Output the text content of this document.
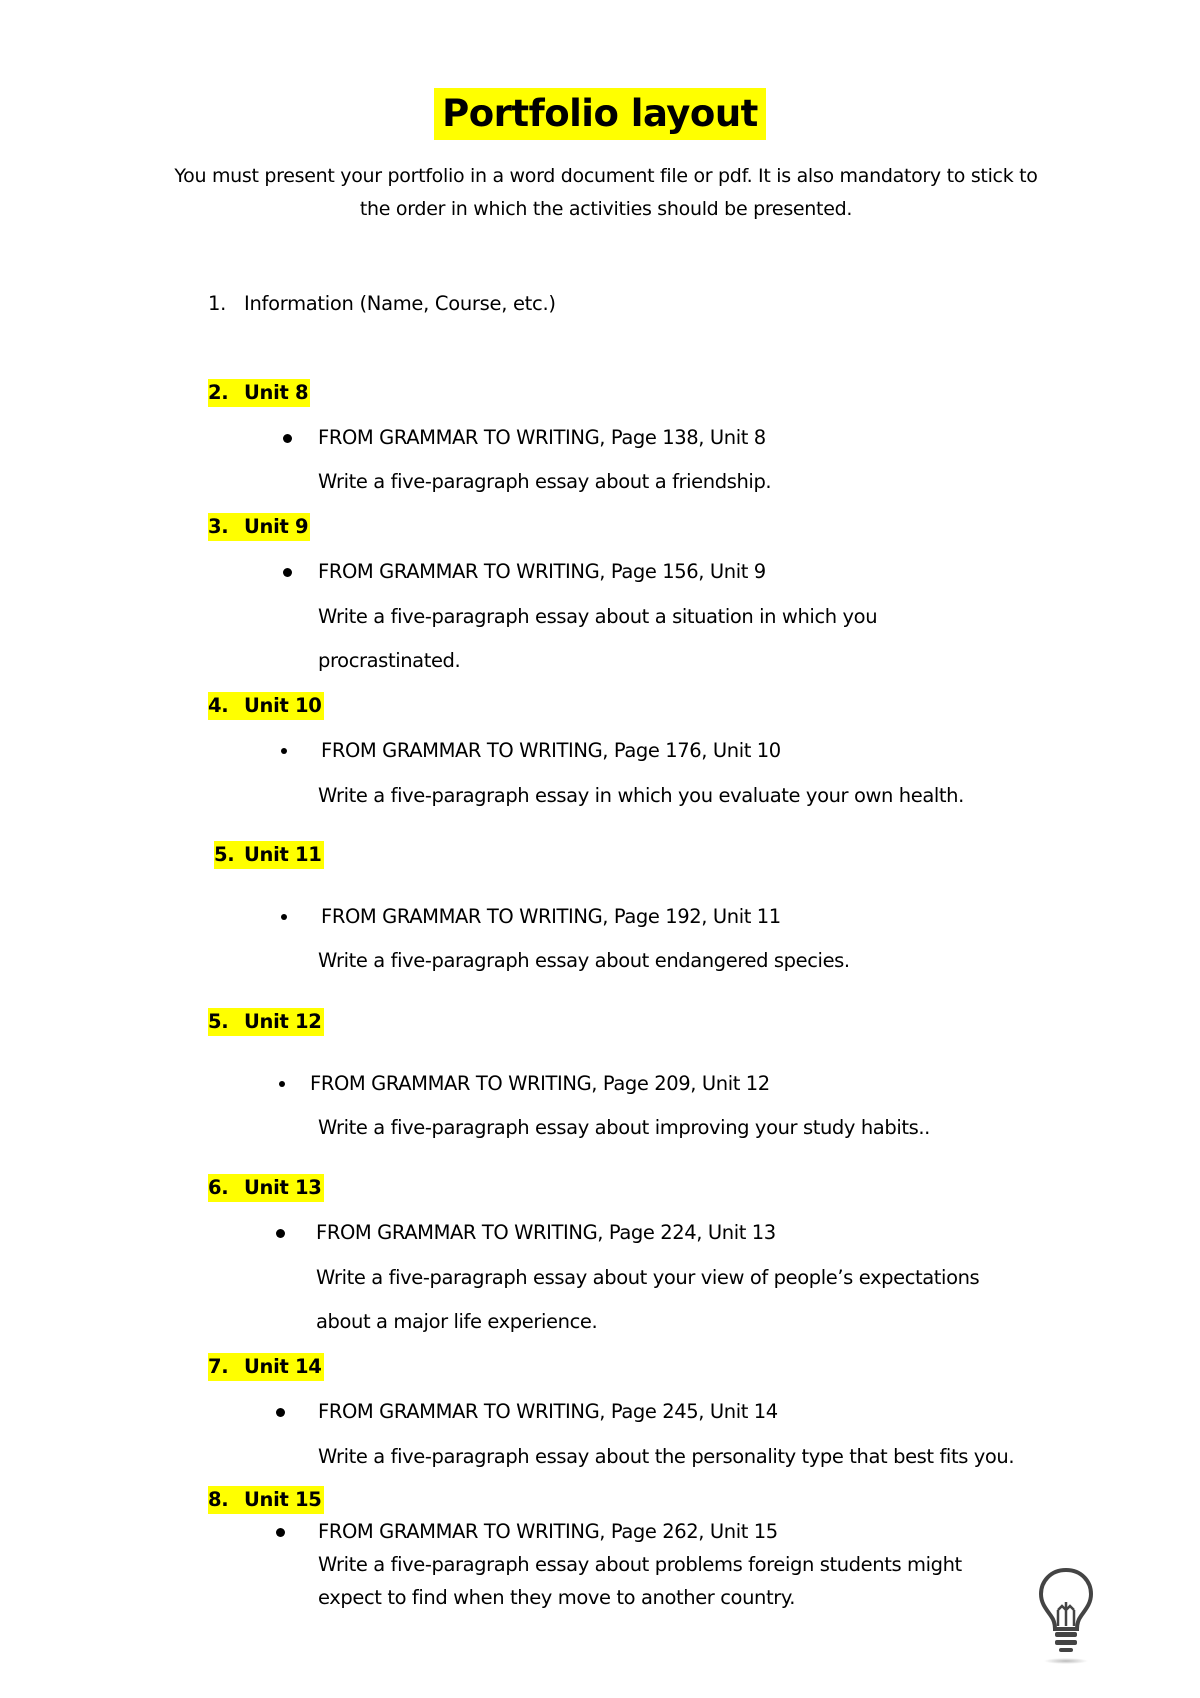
Portfolio layout
You must present your portfolio in a word document file or pdf. It is also mandatory to stick to the order in which the activities should be presented.
1. Information (Name, Course, etc.)
2. Unit 8
FROM GRAMMAR TO WRITING, Page 138, Unit 8
Write a five-paragraph essay about a friendship.
3. Unit 9
FROM GRAMMAR TO WRITING, Page 156, Unit 9
Write a five-paragraph essay about a situation in which you
procrastinated.
4. Unit 10
FROM GRAMMAR TO WRITING, Page 176, Unit 10
Write a five-paragraph essay in which you evaluate your own health.
5. Unit 11
FROM GRAMMAR TO WRITING, Page 192, Unit 11
Write a five-paragraph essay about endangered species.
5. Unit 12
FROM GRAMMAR TO WRITING, Page 209, Unit 12
Write a five-paragraph essay about improving your study habits..
6. Unit 13
FROM GRAMMAR TO WRITING, Page 224, Unit 13
Write a five-paragraph essay about your view of people’s expectations
about a major life experience.
7. Unit 14
FROM GRAMMAR TO WRITING, Page 245, Unit 14
Write a five-paragraph essay about the personality type that best fits you.
8. Unit 15
FROM GRAMMAR TO WRITING, Page 262, Unit 15
Write a five-paragraph essay about problems foreign students might
expect to find when they move to another country.
